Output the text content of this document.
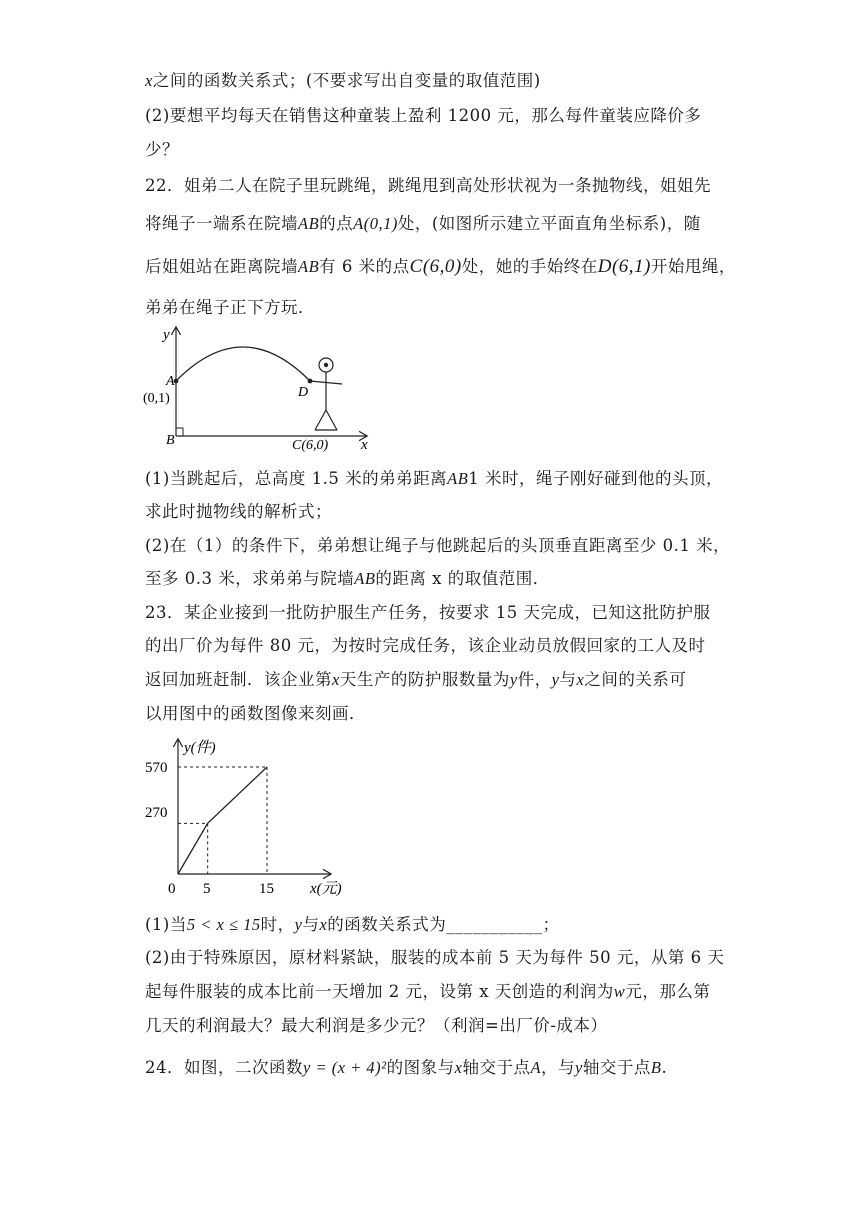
x之间的函数关系式；(不要求写出自变量的取值范围)
(2)要想平均每天在销售这种童装上盈利 1200 元，那么每件童装应降价多
少？
22．姐弟二人在院子里玩跳绳，跳绳甩到高处形状视为一条抛物线，姐姐先
将绳子一端系在院墙AB的点A(0,1)处，(如图所示建立平面直角坐标系)，随
后姐姐站在距离院墙AB有 6 米的点C(6,0)处，她的手始终在D(6,1)开始甩绳，
弟弟在绳子正下方玩．
y
x
A
(0,1)
B
D
C(6,0)
(1)当跳起后，总高度 1.5 米的弟弟距离AB1 米时，绳子刚好碰到他的头顶，
求此时抛物线的解析式；
(2)在（1）的条件下，弟弟想让绳子与他跳起后的头顶垂直距离至少 0.1 米，
至多 0.3 米，求弟弟与院墙AB的距离 x 的取值范围．
23．某企业接到一批防护服生产任务，按要求 15 天完成，已知这批防护服
的出厂价为每件 80 元，为按时完成任务，该企业动员放假回家的工人及时
返回加班赶制．该企业第x天生产的防护服数量为y件，y与x之间的关系可
以用图中的函数图像来刻画．
y(件)
x(元)
570
270
0 5	15
(1)当5 < x ≤ 15时，y与x的函数关系式为___________；
(2)由于特殊原因，原材料紧缺，服装的成本前 5 天为每件 50 元，从第 6 天
起每件服装的成本比前一天增加 2 元，设第 x 天创造的利润为w元，那么第
几天的利润最大？最大利润是多少元？（利润=出厂价-成本）
24．如图，二次函数y = (x + 4)²的图象与x轴交于点A，与y轴交于点B.
